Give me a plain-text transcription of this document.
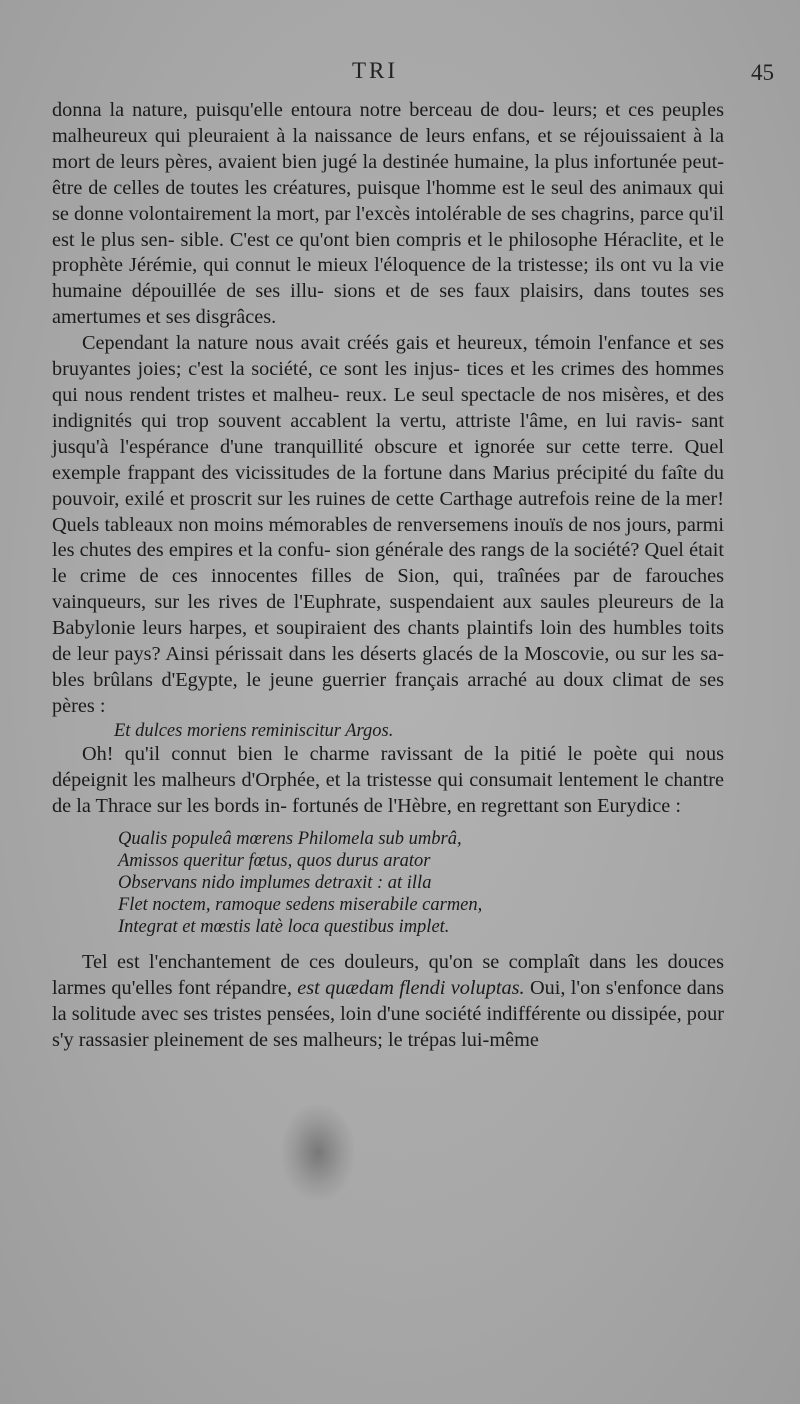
TRI	45

donna la nature, puisqu'elle entoura notre berceau de dou- leurs; et ces peuples malheureux qui pleuraient à la naissance de leurs enfans, et se réjouissaient à la mort de leurs pères, avaient bien jugé la destinée humaine, la plus infortunée peut- être de celles de toutes les créatures, puisque l'homme est le seul des animaux qui se donne volontairement la mort, par l'excès intolérable de ses chagrins, parce qu'il est le plus sen- sible. C'est ce qu'ont bien compris et le philosophe Héraclite, et le prophète Jérémie, qui connut le mieux l'éloquence de la tristesse; ils ont vu la vie humaine dépouillée de ses illu- sions et de ses faux plaisirs, dans toutes ses amertumes et ses disgrâces.

Cependant la nature nous avait créés gais et heureux, témoin l'enfance et ses bruyantes joies; c'est la société, ce sont les injus- tices et les crimes des hommes qui nous rendent tristes et malheu- reux. Le seul spectacle de nos misères, et des indignités qui trop souvent accablent la vertu, attriste l'âme, en lui ravis- sant jusqu'à l'espérance d'une tranquillité obscure et ignorée sur cette terre. Quel exemple frappant des vicissitudes de la fortune dans Marius précipité du faîte du pouvoir, exilé et proscrit sur les ruines de cette Carthage autrefois reine de la mer! Quels tableaux non moins mémorables de renversemens inouïs de nos jours, parmi les chutes des empires et la confu- sion générale des rangs de la société? Quel était le crime de ces innocentes filles de Sion, qui, traînées par de farouches vainqueurs, sur les rives de l'Euphrate, suspendaient aux saules pleureurs de la Babylonie leurs harpes, et soupiraient des chants plaintifs loin des humbles toits de leur pays? Ainsi périssait dans les déserts glacés de la Moscovie, ou sur les sa- bles brûlans d'Egypte, le jeune guerrier français arraché au doux climat de ses pères :

Et dulces moriens reminiscitur Argos.

Oh! qu'il connut bien le charme ravissant de la pitié le poète qui nous dépeignit les malheurs d'Orphée, et la tristesse qui consumait lentement le chantre de la Thrace sur les bords in- fortunés de l'Hèbre, en regrettant son Eurydice :

Qualis populeâ mœrens Philomela sub umbrâ,

Amissos queritur fœtus, quos durus arator

Observans nido implumes detraxit : at illa

Flet noctem, ramoque sedens miserabile carmen,

Integrat et mœstis latè loca questibus implet.

Tel est l'enchantement de ces douleurs, qu'on se complaît dans les douces larmes qu'elles font répandre, est quædam flendi voluptas. Oui, l'on s'enfonce dans la solitude avec ses tristes pensées, loin d'une société indifférente ou dissipée, pour s'y rassasier pleinement de ses malheurs; le trépas lui-même
